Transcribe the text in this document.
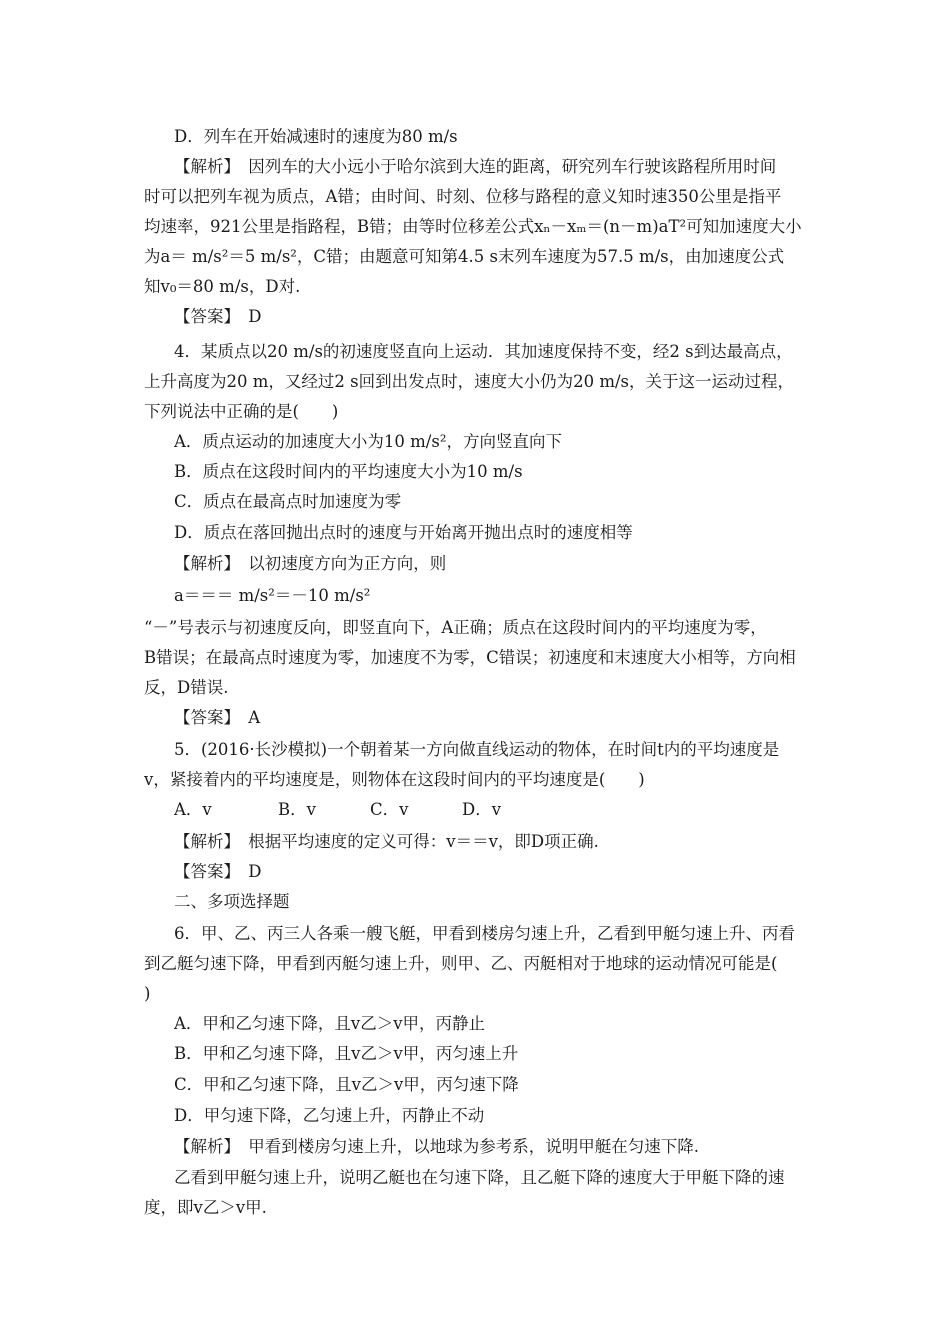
D．列车在开始减速时的速度为80 m/s
【解析】　因列车的大小远小于哈尔滨到大连的距离，研究列车行驶该路程所用时间
时可以把列车视为质点，A错；由时间、时刻、位移与路程的意义知时速350公里是指平
均速率，921公里是指路程，B错；由等时位移差公式xₙ－xₘ＝(n－m)aT²可知加速度大小
为a＝ m/s²＝5 m/s²，C错；由题意可知第4.5 s末列车速度为57.5 m/s，由加速度公式
知v₀＝80 m/s，D对.
【答案】　D
4．某质点以20 m/s的初速度竖直向上运动．其加速度保持不变，经2 s到达最高点，
上升高度为20 m，又经过2 s回到出发点时，速度大小仍为20 m/s，关于这一运动过程，
下列说法中正确的是(　　)
A．质点运动的加速度大小为10 m/s²，方向竖直向下
B．质点在这段时间内的平均速度大小为10 m/s
C．质点在最高点时加速度为零
D．质点在落回抛出点时的速度与开始离开抛出点时的速度相等
【解析】　以初速度方向为正方向，则
a＝＝＝ m/s²＝－10 m/s²
“－”号表示与初速度反向，即竖直向下，A正确；质点在这段时间内的平均速度为零，
B错误；在最高点时速度为零，加速度不为零，C错误；初速度和末速度大小相等，方向相
反，D错误.
【答案】　A
5．(2016·长沙模拟)一个朝着某一方向做直线运动的物体，在时间t内的平均速度是
v，紧接着内的平均速度是，则物体在这段时间内的平均速度是(　　)
A．v	B．v	C．v	D．v
【解析】　根据平均速度的定义可得：v＝＝v，即D项正确.
【答案】　D
二、多项选择题
6．甲、乙、丙三人各乘一艘飞艇，甲看到楼房匀速上升，乙看到甲艇匀速上升、丙看
到乙艇匀速下降，甲看到丙艇匀速上升，则甲、乙、丙艇相对于地球的运动情况可能是(
)
A．甲和乙匀速下降，且v乙＞v甲，丙静止
B．甲和乙匀速下降，且v乙＞v甲，丙匀速上升
C．甲和乙匀速下降，且v乙＞v甲，丙匀速下降
D．甲匀速下降，乙匀速上升，丙静止不动
【解析】　甲看到楼房匀速上升，以地球为参考系，说明甲艇在匀速下降.
乙看到甲艇匀速上升，说明乙艇也在匀速下降，且乙艇下降的速度大于甲艇下降的速
度，即v乙＞v甲.
